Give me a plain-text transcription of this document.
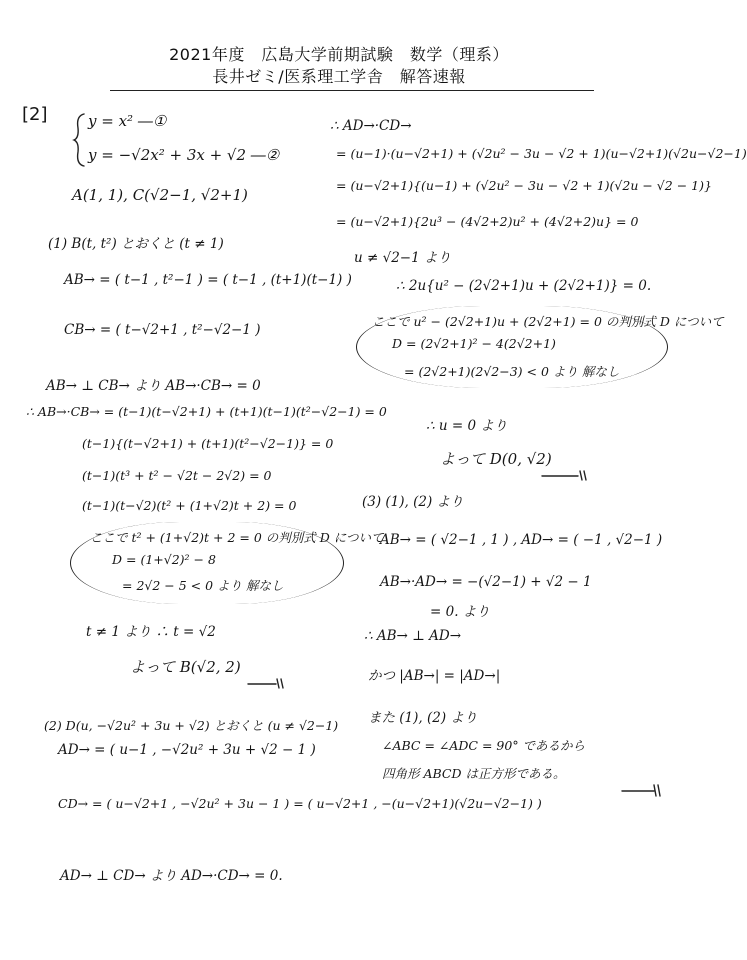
2021年度　広島大学前期試験　数学（理系）
長井ゼミ/医系理工学舎　解答速報
[2]	y = x² ―①
y = −√2x² + 3x + √2 ―②
A(1, 1), C(√2−1, √2+1)
(1) B(t, t²) とおくと (t ≠ 1)
AB→ = ( t−1 , t²−1 ) = ( t−1 , (t+1)(t−1) )
CB→ = ( t−√2+1 , t²−√2−1 )
AB→ ⊥ CB→ より AB→·CB→ = 0
∴ AB→·CB→ = (t−1)(t−√2+1) + (t+1)(t−1)(t²−√2−1) = 0
(t−1){(t−√2+1) + (t+1)(t²−√2−1)} = 0
(t−1)(t³ + t² − √2t − 2√2) = 0
(t−1)(t−√2)(t² + (1+√2)t + 2) = 0
ここで t² + (1+√2)t + 2 = 0 の判別式 D について
D = (1+√2)² − 8
= 2√2 − 5 < 0 より 解なし
t ≠ 1 より ∴ t = √2
よって B(√2, 2)
(2) D(u, −√2u² + 3u + √2) とおくと (u ≠ √2−1)
AD→ = ( u−1 , −√2u² + 3u + √2 − 1 )
CD→ = ( u−√2+1 , −√2u² + 3u − 1 ) = ( u−√2+1 , −(u−√2+1)(√2u−√2−1) )
AD→ ⊥ CD→ より AD→·CD→ = 0.
∴ AD→·CD→
= (u−1)·(u−√2+1) + (√2u² − 3u − √2 + 1)(u−√2+1)(√2u−√2−1)
= (u−√2+1){(u−1) + (√2u² − 3u − √2 + 1)(√2u − √2 − 1)}
= (u−√2+1){2u³ − (4√2+2)u² + (4√2+2)u} = 0
u ≠ √2−1 より
∴ 2u{u² − (2√2+1)u + (2√2+1)} = 0.
ここで u² − (2√2+1)u + (2√2+1) = 0 の判別式 D について
D = (2√2+1)² − 4(2√2+1)
= (2√2+1)(2√2−3) < 0 より 解なし
∴ u = 0 より
よって D(0, √2)
(3) (1), (2) より
AB→ = ( √2−1 , 1 ) , AD→ = ( −1 , √2−1 )
AB→·AD→ = −(√2−1) + √2 − 1
= 0. より
∴ AB→ ⊥ AD→
かつ |AB→| = |AD→|
また (1), (2) より
∠ABC = ∠ADC = 90° であるから
四角形 ABCD は正方形である。
